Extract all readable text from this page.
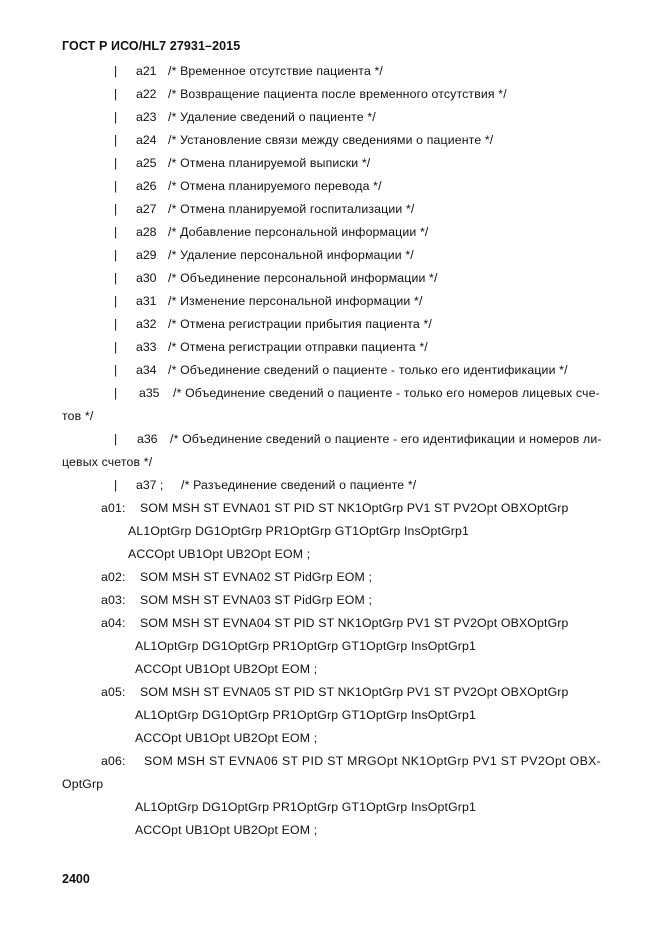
ГОСТ Р ИСО/HL7 27931–2015
| a21 /* Временное отсутствие пациента */
| a22 /* Возвращение пациента после временного отсутствия */
| a23 /* Удаление сведений о пациенте */
| a24 /* Установление связи между сведениями о пациенте */
| a25 /* Отмена планируемой выписки */
| a26 /* Отмена планируемого перевода */
| a27 /* Отмена планируемой госпитализации */
| a28 /* Добавление персональной информации */
| a29 /* Удаление персональной информации */
| a30 /* Объединение персональной информации */
| a31 /* Изменение персональной информации */
| a32 /* Отмена регистрации прибытия пациента */
| a33 /* Отмена регистрации отправки пациента */
| a34 /* Объединение сведений о пациенте - только его идентификации */
| a35 /* Объединение сведений о пациенте - только его номеров лицевых сче-
тов */
| a36 /* Объединение сведений о пациенте - его идентификации и номеров ли-
цевых счетов */
| a37 ; /* Разъединение сведений о пациенте */
a01: SOM MSH ST EVNA01 ST PID ST NK1OptGrp PV1 ST PV2Opt OBXOptGrp
AL1OptGrp DG1OptGrp PR1OptGrp GT1OptGrp InsOptGrp1
ACCOpt UB1Opt UB2Opt EOM ;
a02: SOM MSH ST EVNA02 ST PidGrp EOM ;
a03: SOM MSH ST EVNA03 ST PidGrp EOM ;
a04: SOM MSH ST EVNA04 ST PID ST NK1OptGrp PV1 ST PV2Opt OBXOptGrp
AL1OptGrp DG1OptGrp PR1OptGrp GT1OptGrp InsOptGrp1
ACCOpt UB1Opt UB2Opt EOM ;
a05: SOM MSH ST EVNA05 ST PID ST NK1OptGrp PV1 ST PV2Opt OBXOptGrp
AL1OptGrp DG1OptGrp PR1OptGrp GT1OptGrp InsOptGrp1
ACCOpt UB1Opt UB2Opt EOM ;
a06: SOM MSH ST EVNA06 ST PID ST MRGOpt NK1OptGrp PV1 ST PV2Opt OBX-
OptGrp
AL1OptGrp DG1OptGrp PR1OptGrp GT1OptGrp InsOptGrp1
ACCOpt UB1Opt UB2Opt EOM ;
2400
